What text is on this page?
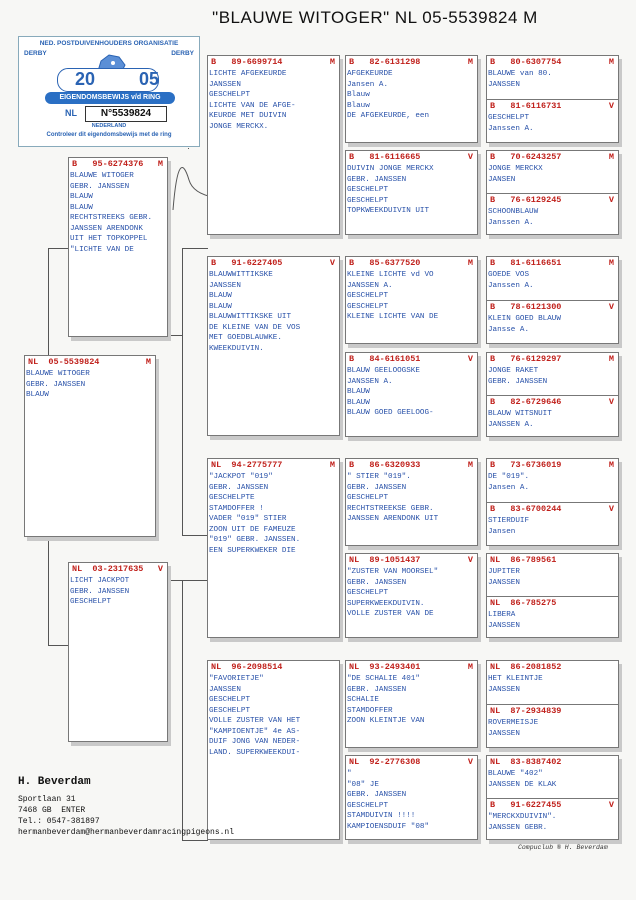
"BLAUWE WITOGER" NL 05-5539824 M
NED. POSTDUIVENHOUDERS ORGANISATIE
DERBY	DERBY
20 05
EIGENDOMSBEWIJS v/d RING
NL	N°5539824
NEDERLAND
Controleer dit eigendomsbewijs met de ring
NL  05-5539824	M
BLAUWE WITOGER
GEBR. JANSSEN
BLAUW
B   95-6274376 M
BLAUWE WITOGER
GEBR. JANSSEN
BLAUW
BLAUW
RECHTSTREEKS GEBR.
JANSSEN ARENDONK
UIT HET TOPKOPPEL
"LICHTE VAN DE
NL  03-2317635 V
LICHT JACKPOT
GEBR. JANSSEN
GESCHELPT
B   89-6699714	M
LICHTE AFGEKEURDE
JANSSEN
GESCHELPT
LICHTE VAN DE AFGE-
KEURDE MET DUIVIN
JONGE MERCKX.
B   91-6227405	V
BLAUWWITTIKSKE
JANSSEN
BLAUW
BLAUW
BLAUWWITTIKSKE UIT
DE KLEINE VAN DE VOS
MET GOEDBLAUWKE.
KWEEKDUIVIN.
NL  94-2775777	M
"JACKPOT "019"
GEBR. JANSSEN
GESCHELPTE
STAMDOFFER !
VADER "019" STIER
ZOON UIT DE FAMEUZE
"019" GEBR. JANSSEN.
EEN SUPERKWEKER DIE
NL  96-2098514
"FAVORIETJE"
JANSSEN
GESCHELPT
GESCHELPT
VOLLE ZUSTER VAN HET
"KAMPIOENTJE" 4e AS-
DUIF JONG VAN NEDER-
LAND. SUPERKWEEKDUI-
B   82-6131298	M
AFGEKEURDE
Jansen A.
Blauw
Blauw
DE AFGEKEURDE, een
B   81-6116665	V
DUIVIN JONGE MERCKX
GEBR. JANSSEN
GESCHELPT
GESCHELPT
TOPKWEEKDUIVIN UIT
B   85-6377520	M
KLEINE LICHTE vd VO
JANSSEN A.
GESCHELPT
GESCHELPT
KLEINE LICHTE VAN DE
B   84-6161051	V
BLAUW GEELOOGSKE
JANSSEN A.
BLAUW
BLAUW
BLAUW GOED GEELOOG-
B   86-6320933	M
" STIER "019".
GEBR. JANSSEN
GESCHELPT
RECHTSTREEKSE GEBR.
JANSSEN ARENDONK UIT
NL  89-1051437	V
"ZUSTER VAN MOORSEL"
GEBR. JANSSEN
GESCHELPT
SUPERKWEEKDUIVIN.
VOLLE ZUSTER VAN DE
NL  93-2493401	M
"DE SCHALIE 401"
GEBR. JANSSEN
SCHALIE
STAMDOFFER
ZOON KLEINTJE VAN
NL  92-2776308	V
"
"08" JE
GEBR. JANSSEN
GESCHELPT
STAMDUIVIN !!!!
KAMPIOENSDUIF "08"
B   80-6307754	M
BLAUWE van 80.
JANSSEN
B   81-6116731	V
GESCHELPT
Janssen A.
B   70-6243257	M
JONGE MERCKX
JANSEN
B   76-6129245	V
SCHOONBLAUW
Janssen A.
B   81-6116651	M
GOEDE VOS
Janssen A.
B   78-6121300	V
KLEIN GOED BLAUW
Jansse A.
B   76-6129297	M
JONGE RAKET
GEBR. JANSSEN
B   82-6729646	V
BLAUW WITSNUIT
JANSSEN A.
B   73-6736019	M
DE "019".
Jansen A.
B   83-6700244	V
STIERDUIF
Jansen
NL  86-789561
JUPITER
JANSSEN
NL  86-785275
LIBERA
JANSSEN
NL  86-2081852
HET KLEINTJE
JANSSEN
NL  87-2934839
ROVERMEISJE
JANSSEN
NL  83-8387402
BLAUWE "402"
JANSSEN DE KLAK
B   91-6227455	V
"MERCKXDUIVIN".
JANSSEN GEBR.
H. Beverdam
Sportlaan 31
7468 GB  ENTER
Tel.: 0547-381897
hermanbeverdam@hermanbeverdamracingpigeons.nl
Compuclub ® H. Beverdam
